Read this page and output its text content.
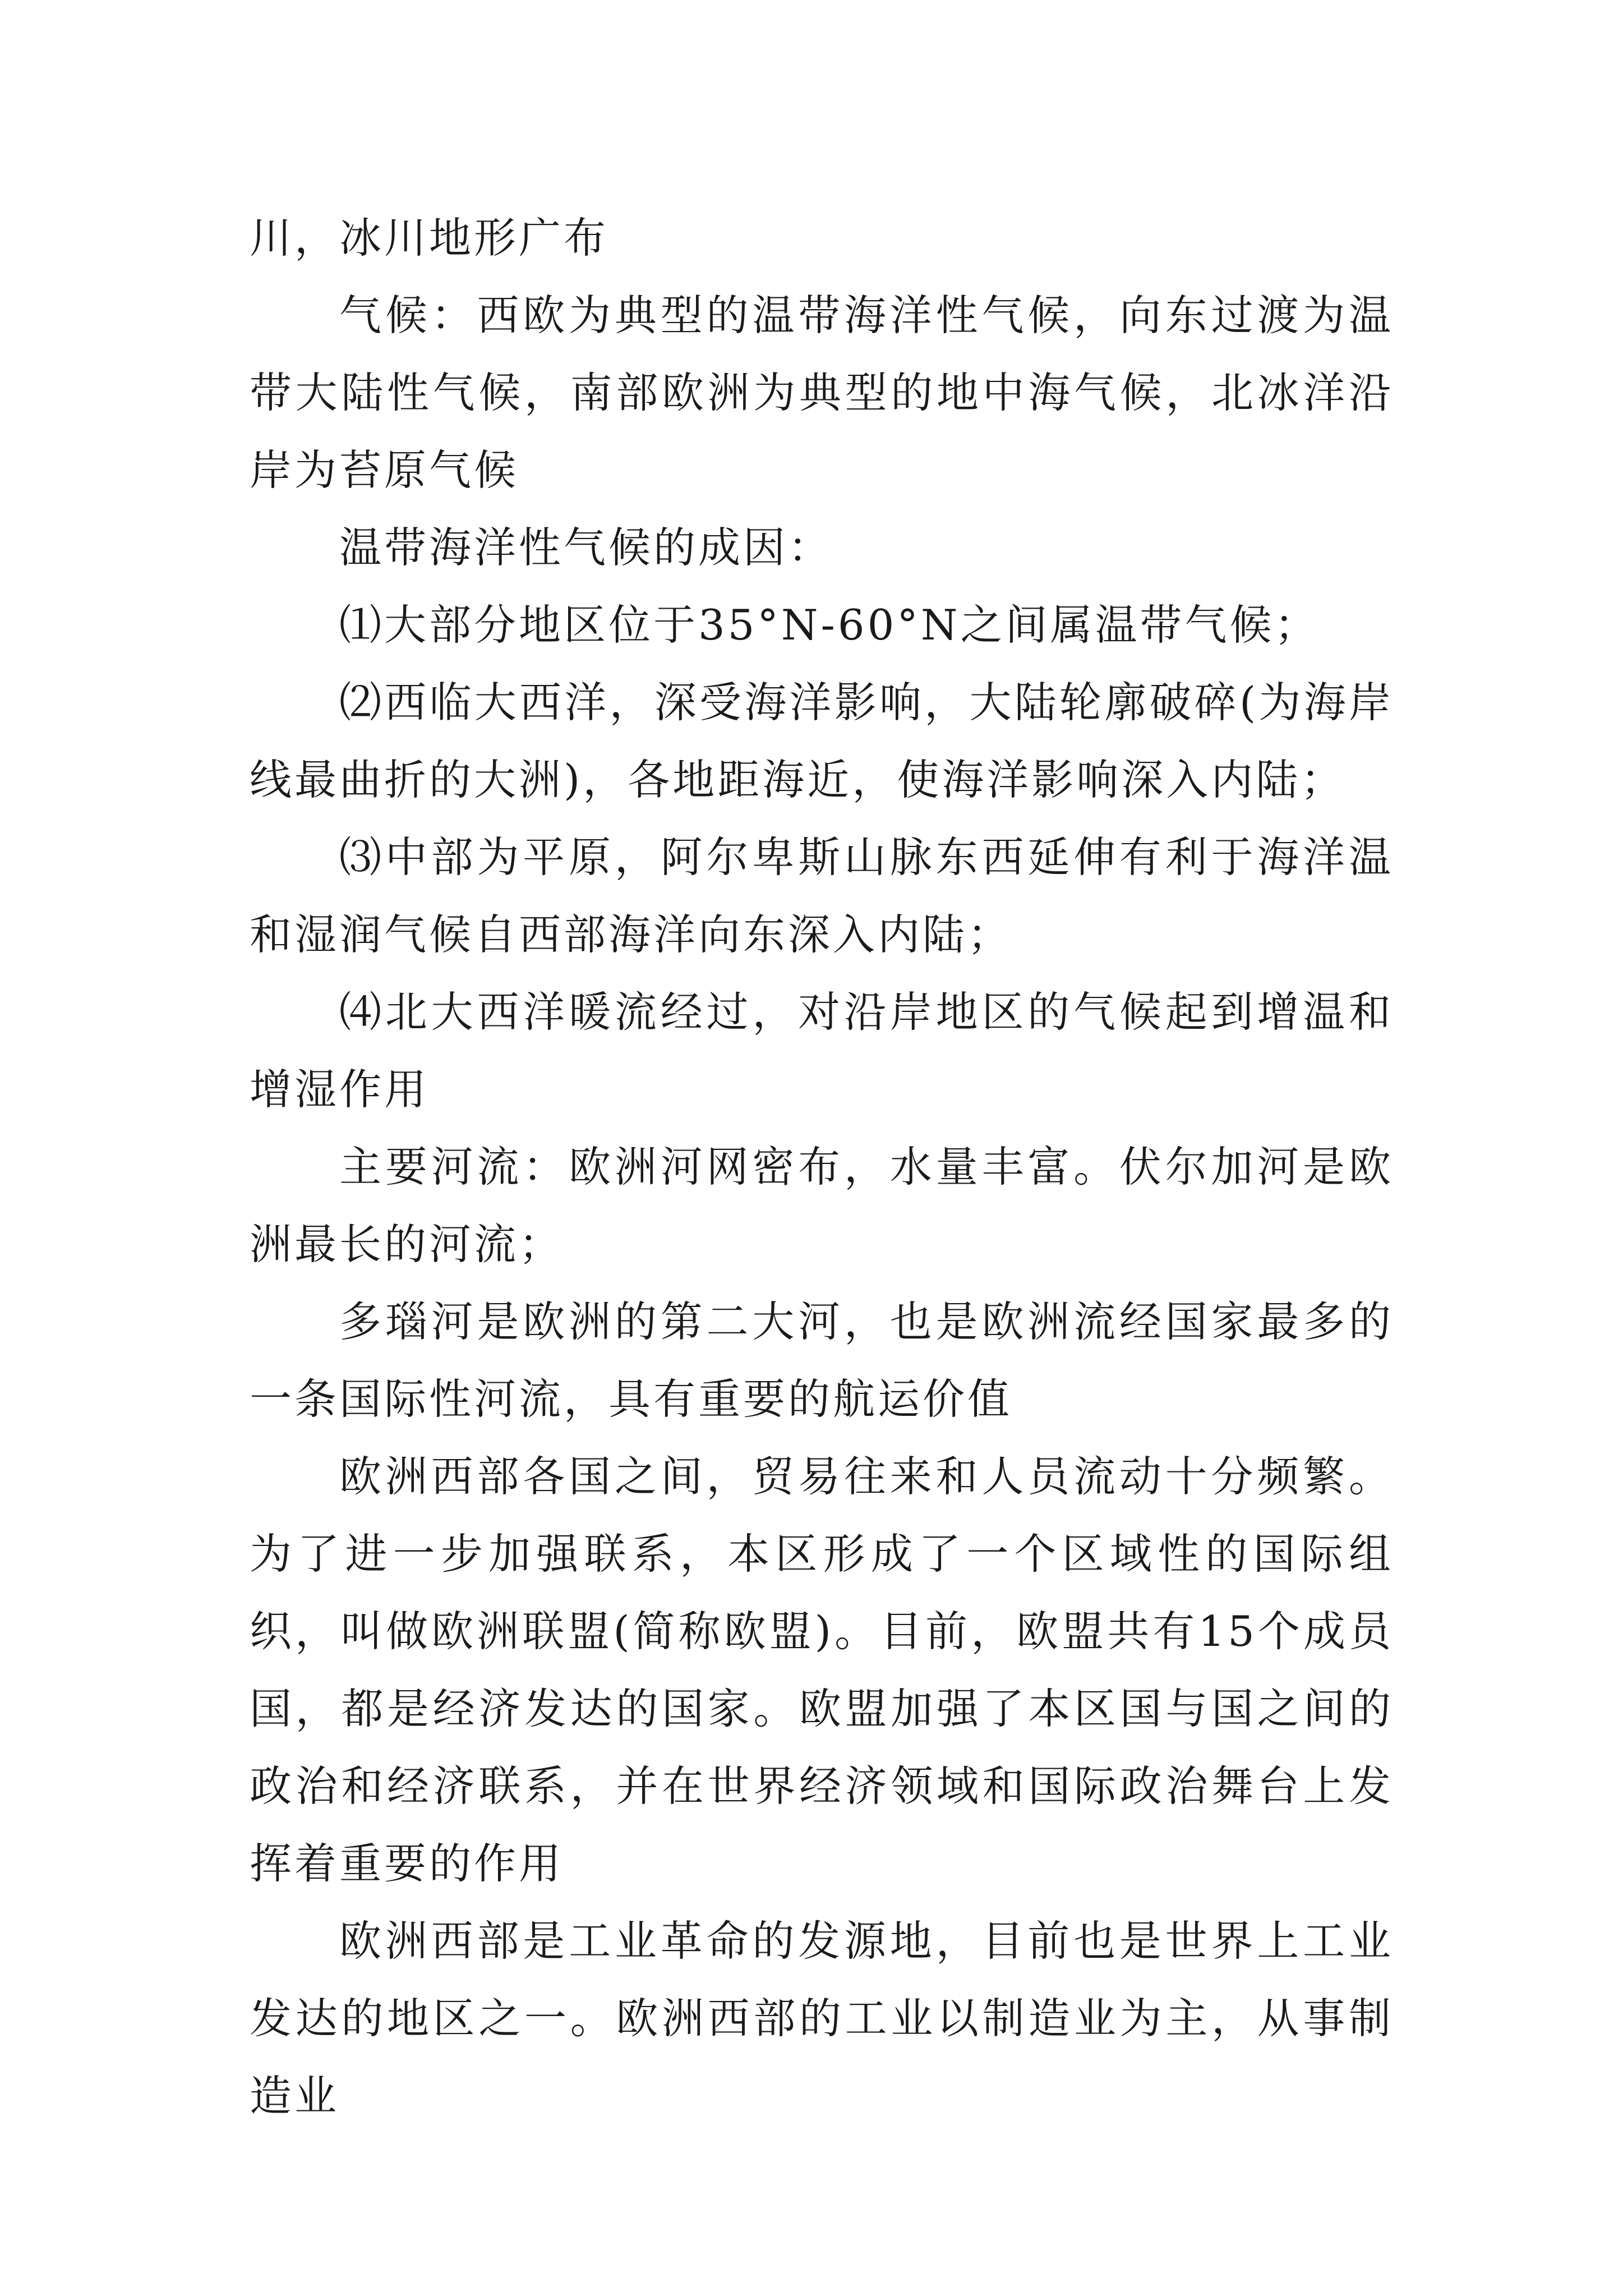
川，冰川地形广布

气候：西欧为典型的温带海洋性气候，向东过渡为温带大陆性气候，南部欧洲为典型的地中海气候，北冰洋沿岸为苔原气候

温带海洋性气候的成因：

⑴大部分地区位于35°N-60°N之间属温带气候；

⑵西临大西洋，深受海洋影响，大陆轮廓破碎(为海岸线最曲折的大洲)，各地距海近，使海洋影响深入内陆；

⑶中部为平原，阿尔卑斯山脉东西延伸有利于海洋温和湿润气候自西部海洋向东深入内陆；

⑷北大西洋暖流经过，对沿岸地区的气候起到增温和增湿作用

主要河流：欧洲河网密布，水量丰富。伏尔加河是欧洲最长的河流；

多瑙河是欧洲的第二大河，也是欧洲流经国家最多的一条国际性河流，具有重要的航运价值

欧洲西部各国之间，贸易往来和人员流动十分频繁。为了进一步加强联系，本区形成了一个区域性的国际组织，叫做欧洲联盟(简称欧盟)。目前，欧盟共有15个成员国，都是经济发达的国家。欧盟加强了本区国与国之间的政治和经济联系，并在世界经济领域和国际政治舞台上发挥着重要的作用

欧洲西部是工业革命的发源地，目前也是世界上工业发达的地区之一。欧洲西部的工业以制造业为主，从事制造业
